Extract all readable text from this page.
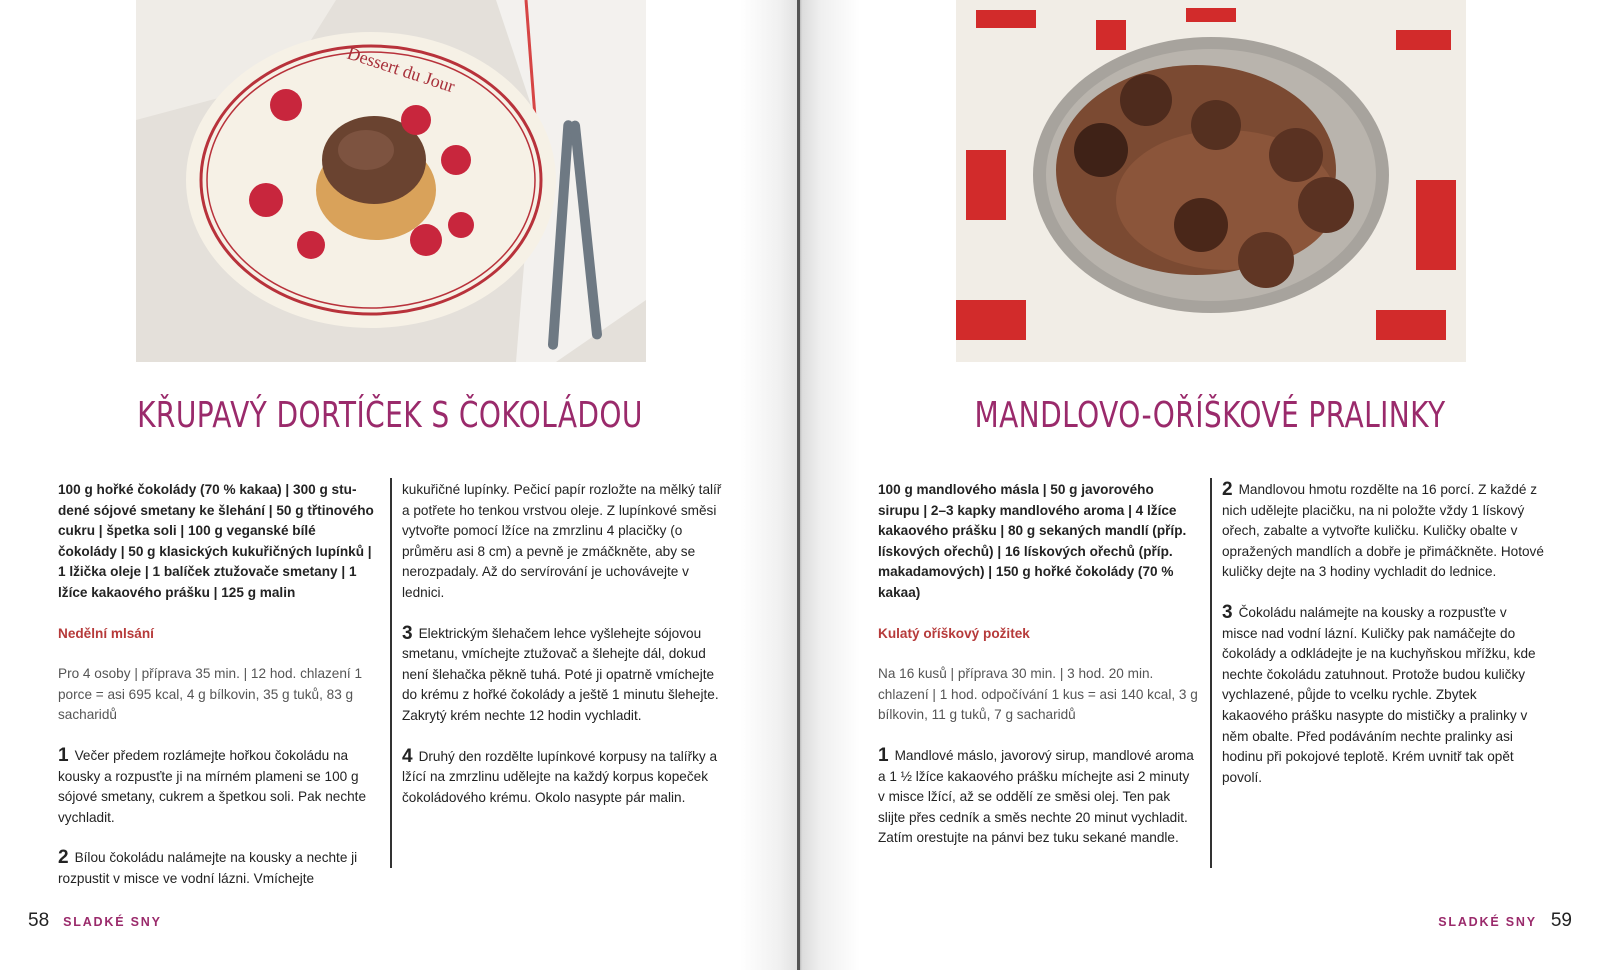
Dessert du Jour
KŘUPAVÝ DORTÍČEK S ČOKOLÁDOU

100 g hořké čokolády (70 % kakaa) | 300 g studené sójové smetany ke šlehání | 50 g třtinového cukru | špetka soli | 100 g veganské bílé čokolády | 50 g klasických kukuřičných lupínků | 1 lžička oleje | 1 balíček ztužovače smetany | 1 lžíce kakaového prášku | 125 g malin

Nedělní mlsání

Pro 4 osoby | příprava 35 min. | 12 hod. chlazení 1 porce = asi 695 kcal, 4 g bílkovin, 35 g tuků, 83 g sacharidů

1 Večer předem rozlámejte hořkou čokoládu na kousky a rozpusťte ji na mírném plameni se 100 g sójové smetany, cukrem a špetkou soli. Pak nechte vychladit.

2 Bílou čokoládu nalámejte na kousky a nechte ji rozpustit v misce ve vodní lázni. Vmíchejte

kukuřičné lupínky. Pečicí papír rozložte na mělký talíř a potřete ho tenkou vrstvou oleje. Z lupínkové směsi vytvořte pomocí lžíce na zmrzlinu 4 placičky (o průměru asi 8 cm) a pevně je zmáčkněte, aby se nerozpadaly. Až do servírování je uchovávejte v lednici.

3 Elektrickým šlehačem lehce vyšlehejte sójovou smetanu, vmíchejte ztužovač a šlehejte dál, dokud není šlehačka pěkně tuhá. Poté ji opatrně vmíchejte do krému z hořké čokolády a ještě 1 minutu šlehejte. Zakrytý krém nechte 12 hodin vychladit.

4 Druhý den rozdělte lupínkové korpusy na talířky a lžící na zmrzlinu udělejte na každý korpus kopeček čokoládového krému. Okolo nasypte pár malin.

58 SLADKÉ SNY
MANDLOVO-OŘÍŠKOVÉ PRALINKY

100 g mandlového másla | 50 g javorového sirupu | 2–3 kapky mandlového aroma | 4 lžíce kakaového prášku | 80 g sekaných mandlí (příp. lískových ořechů) | 16 lískových ořechů (příp. makadamových) | 150 g hořké čokolády (70 % kakaa)

Kulatý oříškový požitek

Na 16 kusů | příprava 30 min. | 3 hod. 20 min. chlazení | 1 hod. odpočívání 1 kus = asi 140 kcal, 3 g bílkovin, 11 g tuků, 7 g sacharidů

1 Mandlové máslo, javorový sirup, mandlové aroma a 1 ½ lžíce kakaového prášku míchejte asi 2 minuty v misce lžící, až se oddělí ze směsi olej. Ten pak slijte přes cedník a směs nechte 20 minut vychladit. Zatím orestujte na pánvi bez tuku sekané mandle.

2 Mandlovou hmotu rozdělte na 16 porcí. Z každé z nich udělejte placičku, na ni položte vždy 1 lískový ořech, zabalte a vytvořte kuličku. Kuličky obalte v opražených mandlích a dobře je přimáčkněte. Hotové kuličky dejte na 3 hodiny vychladit do lednice.

3 Čokoládu nalámejte na kousky a rozpusťte v misce nad vodní lázní. Kuličky pak namáčejte do čokolády a odkládejte je na kuchyňskou mřížku, kde nechte čokoládu zatuhnout. Protože budou kuličky vychlazené, půjde to vcelku rychle. Zbytek kakaového prášku nasypte do mističky a pralinky v něm obalte. Před podáváním nechte pralinky asi hodinu při pokojové teplotě. Krém uvnitř tak opět povolí.

SLADKÉ SNY 59
